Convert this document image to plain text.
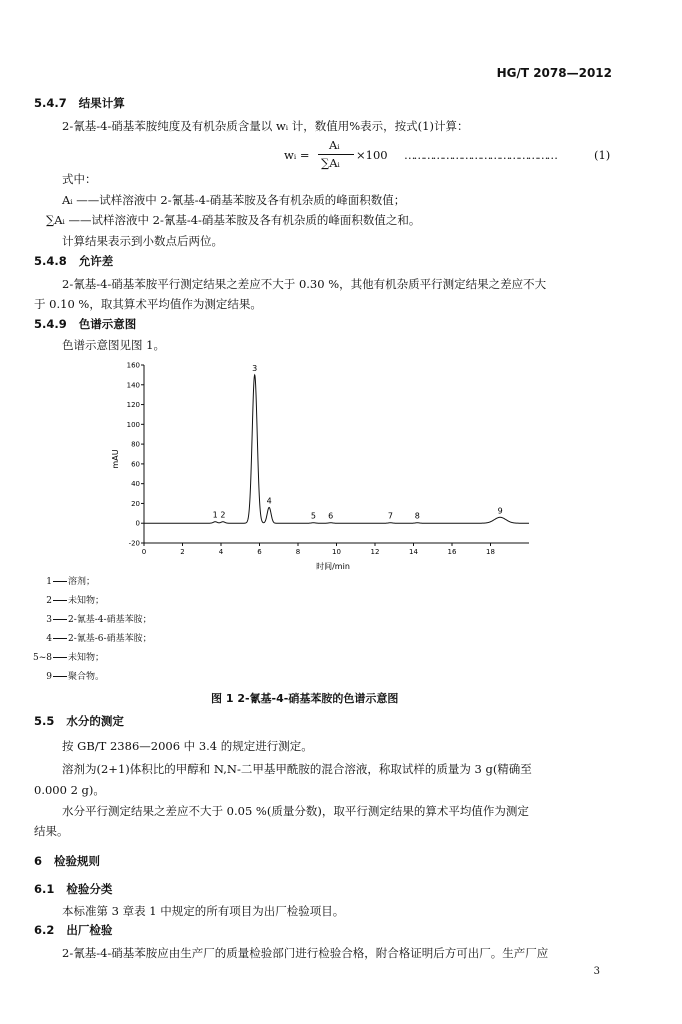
HG/T 2078—2012
5.4.7 结果计算
2-氰基-4-硝基苯胺纯度及有机杂质含量以 wᵢ 计，数值用%表示，按式(1)计算：
wᵢ =
Aᵢ
∑Aᵢ
×100 …………………………………………	(1)
式中：
Aᵢ ——试样溶液中 2-氰基-4-硝基苯胺及各有机杂质的峰面积数值；
∑Aᵢ ——试样溶液中 2-氰基-4-硝基苯胺及各有机杂质的峰面积数值之和。
计算结果表示到小数点后两位。
5.4.8 允许差
2-氰基-4-硝基苯胺平行测定结果之差应不大于 0.30 %，其他有机杂质平行测定结果之差应不大
于 0.10 %，取其算术平均值作为测定结果。
5.4.9 色谱示意图
色谱示意图见图 1。
-20
0
20
40
60
80
100
120
140
160
0	2	4	6	8	10	12	14	16	18
1 2
3
4
5 6	7	8
9
mAU
时间/min
1 溶剂；
2 未知物；
3 2-氰基-4-硝基苯胺；
4 2-氰基-6-硝基苯胺；
5~8 未知物；
9 聚合物。
图 1 2-氰基-4-硝基苯胺的色谱示意图
5.5 水分的测定
按 GB/T 2386—2006 中 3.4 的规定进行测定。
溶剂为(2+1)体积比的甲醇和 N,N-二甲基甲酰胺的混合溶液，称取试样的质量为 3 g(精确至
0.000 2 g)。
水分平行测定结果之差应不大于 0.05 %(质量分数)，取平行测定结果的算术平均值作为测定
结果。
6 检验规则
6.1 检验分类
本标准第 3 章表 1 中规定的所有项目为出厂检验项目。
6.2 出厂检验
2-氰基-4-硝基苯胺应由生产厂的质量检验部门进行检验合格，附合格证明后方可出厂。生产厂应
3
